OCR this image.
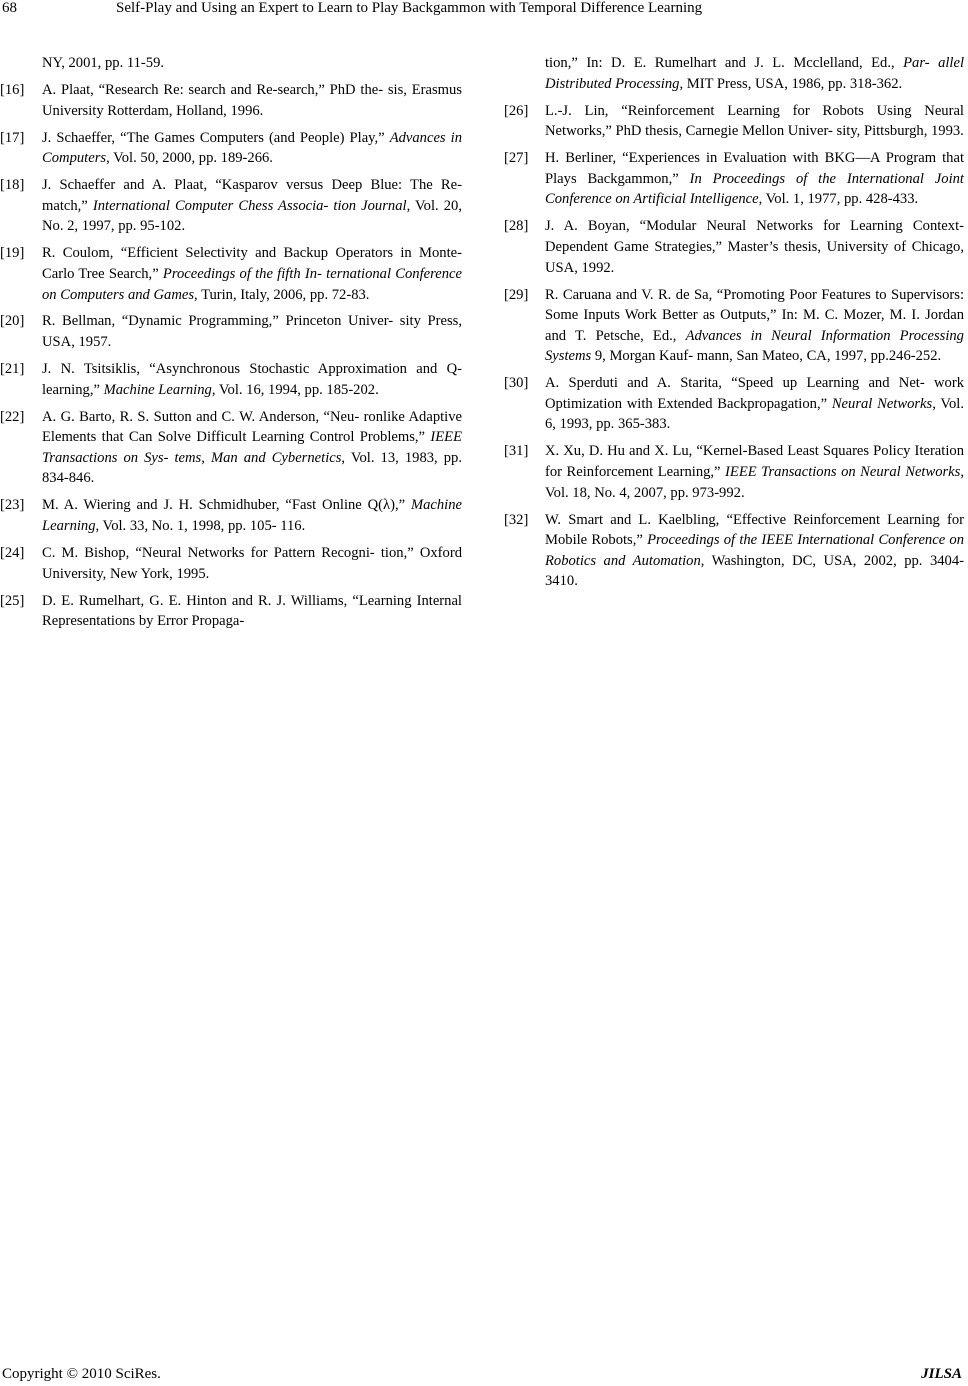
68	Self-Play and Using an Expert to Learn to Play Backgammon with Temporal Difference Learning
NY, 2001, pp. 11-59.
[16] A. Plaat, “Research Re: search and Re-search,” PhD the- sis, Erasmus University Rotterdam, Holland, 1996.
[17] J. Schaeffer, “The Games Computers (and People) Play,” Advances in Computers, Vol. 50, 2000, pp. 189-266.
[18] J. Schaeffer and A. Plaat, “Kasparov versus Deep Blue: The Re-match,” International Computer Chess Associa- tion Journal, Vol. 20, No. 2, 1997, pp. 95-102.
[19] R. Coulom, “Efficient Selectivity and Backup Operators in Monte-Carlo Tree Search,” Proceedings of the fifth In- ternational Conference on Computers and Games, Turin, Italy, 2006, pp. 72-83.
[20] R. Bellman, “Dynamic Programming,” Princeton Univer- sity Press, USA, 1957.
[21] J. N. Tsitsiklis, “Asynchronous Stochastic Approximation and Q-learning,” Machine Learning, Vol. 16, 1994, pp. 185-202.
[22] A. G. Barto, R. S. Sutton and C. W. Anderson, “Neu- ronlike Adaptive Elements that Can Solve Difficult Learning Control Problems,” IEEE Transactions on Sys- tems, Man and Cybernetics, Vol. 13, 1983, pp. 834-846.
[23] M. A. Wiering and J. H. Schmidhuber, “Fast Online Q(λ),” Machine Learning, Vol. 33, No. 1, 1998, pp. 105- 116.
[24] C. M. Bishop, “Neural Networks for Pattern Recogni- tion,” Oxford University, New York, 1995.
[25] D. E. Rumelhart, G. E. Hinton and R. J. Williams, “Learning Internal Representations by Error Propaga-
tion,” In: D. E. Rumelhart and J. L. Mcclelland, Ed., Par- allel Distributed Processing, MIT Press, USA, 1986, pp. 318-362.
[26] L.-J. Lin, “Reinforcement Learning for Robots Using Neural Networks,” PhD thesis, Carnegie Mellon Univer- sity, Pittsburgh, 1993.
[27] H. Berliner, “Experiences in Evaluation with BKG—A Program that Plays Backgammon,” In Proceedings of the International Joint Conference on Artificial Intelligence, Vol. 1, 1977, pp. 428-433.
[28] J. A. Boyan, “Modular Neural Networks for Learning Context-Dependent Game Strategies,” Master’s thesis, University of Chicago, USA, 1992.
[29] R. Caruana and V. R. de Sa, “Promoting Poor Features to Supervisors: Some Inputs Work Better as Outputs,” In: M. C. Mozer, M. I. Jordan and T. Petsche, Ed., Advances in Neural Information Processing Systems 9, Morgan Kauf- mann, San Mateo, CA, 1997, pp.246-252.
[30] A. Sperduti and A. Starita, “Speed up Learning and Net- work Optimization with Extended Backpropagation,” Neural Networks, Vol. 6, 1993, pp. 365-383.
[31] X. Xu, D. Hu and X. Lu, “Kernel-Based Least Squares Policy Iteration for Reinforcement Learning,” IEEE Transactions on Neural Networks, Vol. 18, No. 4, 2007, pp. 973-992.
[32] W. Smart and L. Kaelbling, “Effective Reinforcement Learning for Mobile Robots,” Proceedings of the IEEE International Conference on Robotics and Automation, Washington, DC, USA, 2002, pp. 3404-3410.
Copyright © 2010 SciRes.	JILSA
